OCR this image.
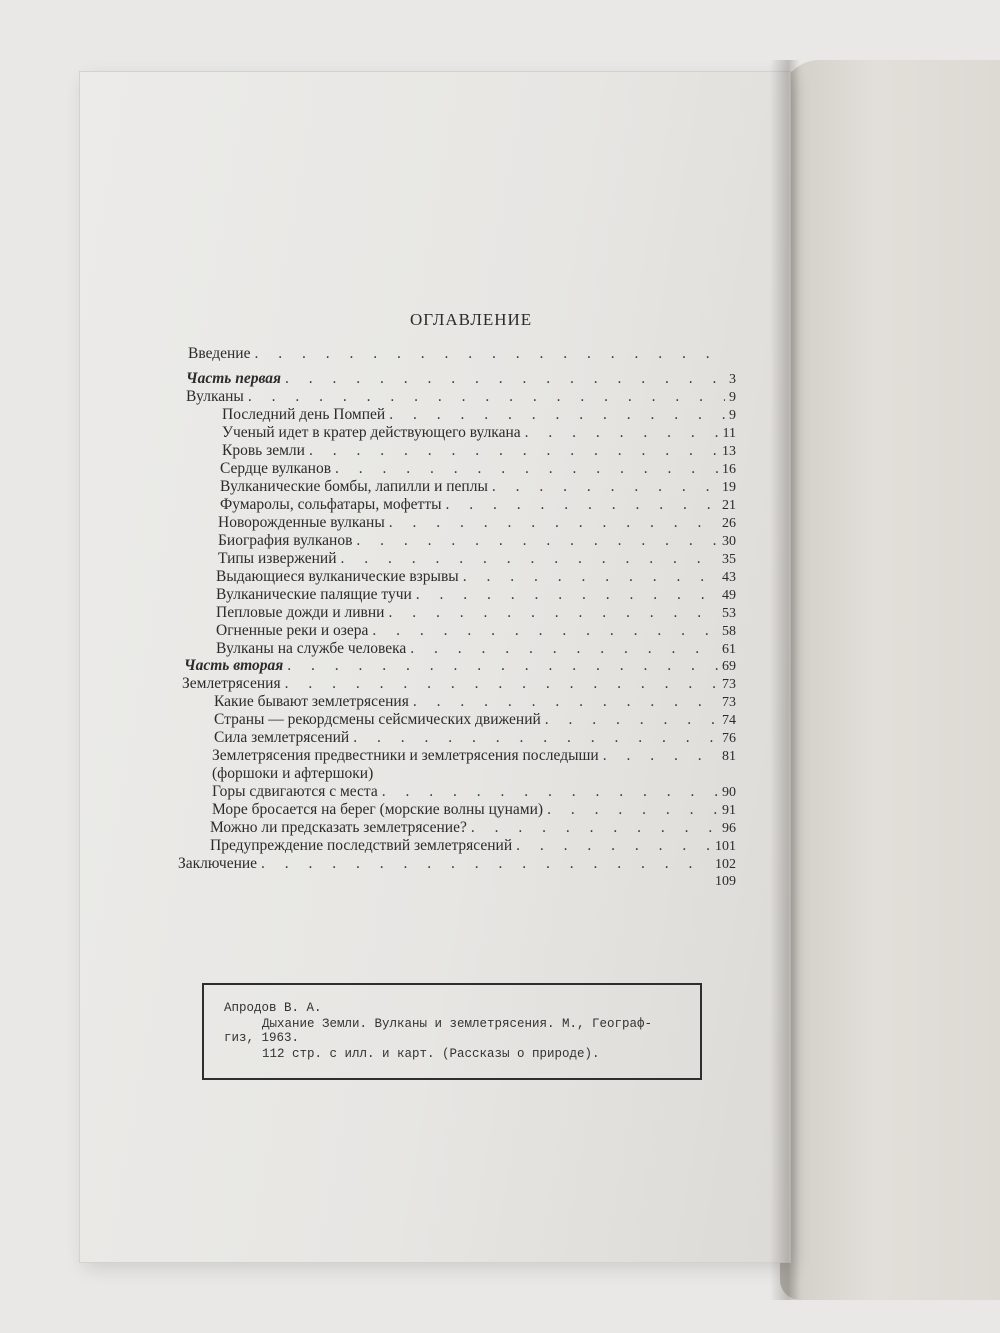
ОГЛАВЛЕНИЕ
Введение
. . .
Часть первая . . .	3
Вулканы . . .	9
Последний день Помпей . . .	9
Ученый идет в кратер действующего вулкана . . .	11
Кровь земли . . .	13
Сердце вулканов . . .	16
Вулканические бомбы, лапилли и пеплы . . .	19
Фумаролы, сольфатары, мофетты . . .	21
Новорожденные вулканы . . .	26
Биография вулканов . . .	30
Типы извержений . . .	35
Выдающиеся вулканические взрывы . . .	43
Вулканические палящие тучи . . .	49
Пепловые дожди и ливни . . .	53
Огненные реки и озера . . .	58
Вулканы на службе человека . . .	61
Часть вторая . . .	69
Землетрясения . . .	73
Какие бывают землетрясения . . .	73
Страны — рекордсмены сейсмических движений . . .	74
Сила землетрясений . . .	76
Землетрясения предвестники и землетрясения последыши . . .	81
(форшоки и афтершоки)
Горы сдвигаются с места . . .	90
Море бросается на берег (морские волны цунами) . . .	91
Можно ли предсказать землетрясение? . . .	96
Предупреждение последствий землетрясений . . .	101
Заключение . . .	102
109
Апродов В. А.
Дыхание Земли. Вулканы и землетрясения. М., Географ-
гиз, 1963.
112 стр. с илл. и карт. (Рассказы о природе).
